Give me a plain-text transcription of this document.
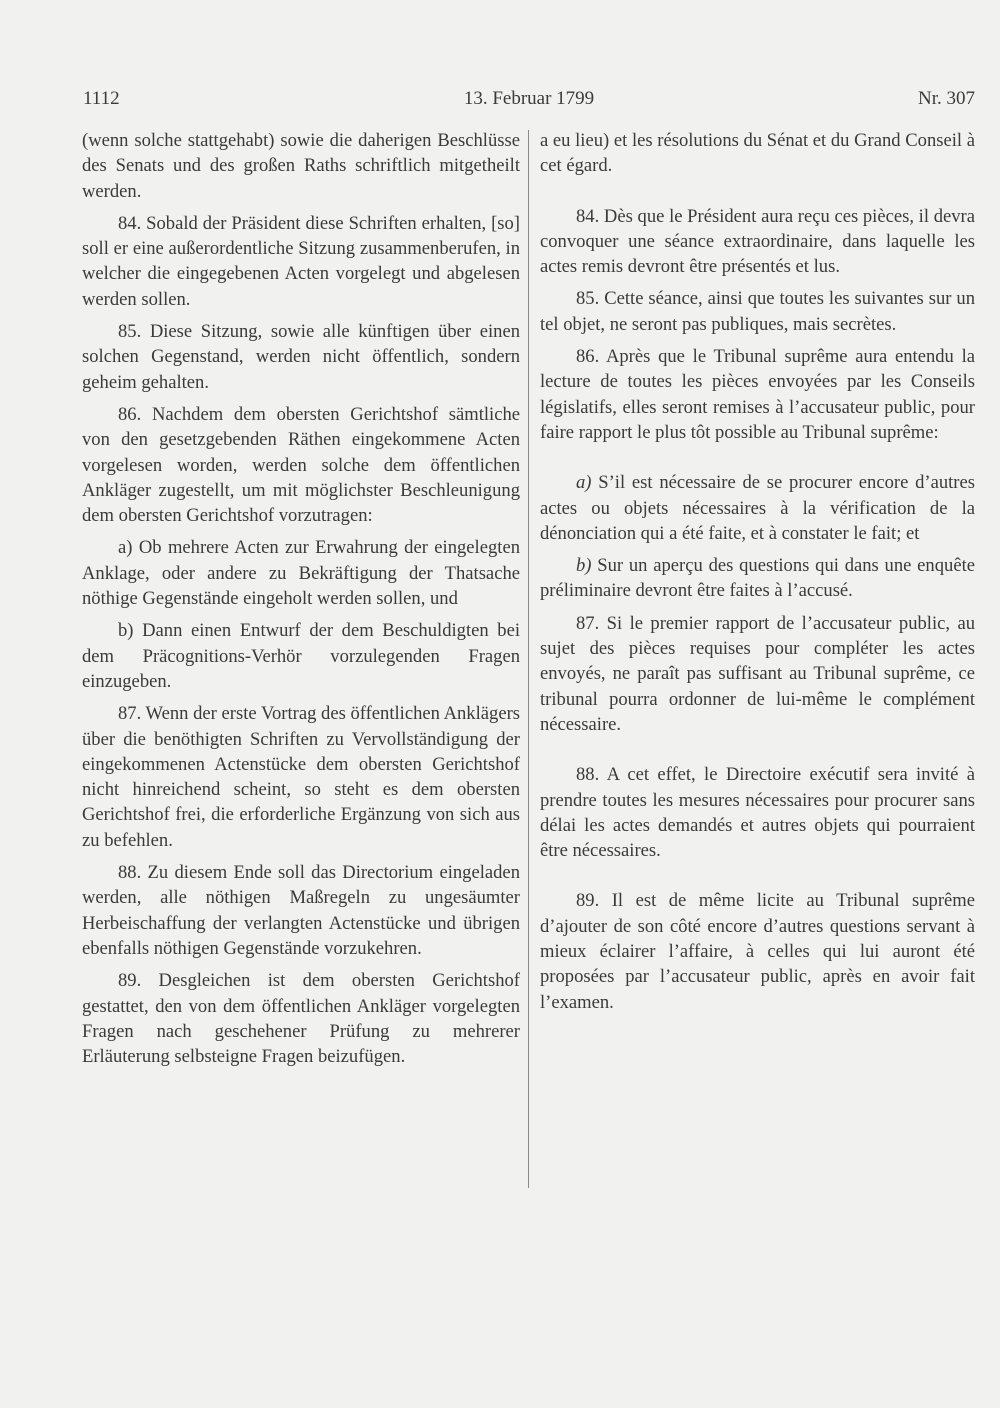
1112	13. Februar 1799	Nr. 307

(wenn solche stattgehabt) sowie die daherigen Beschlüsse des Senats und des großen Raths schriftlich mitgetheilt werden.

84. Sobald der Präsident diese Schriften erhalten, [so] soll er eine außerordentliche Sitzung zusammenberufen, in welcher die eingegebenen Acten vorgelegt und abgelesen werden sollen.

85. Diese Sitzung, sowie alle künftigen über einen solchen Gegenstand, werden nicht öffentlich, sondern geheim gehalten.

86. Nachdem dem obersten Gerichtshof sämtliche von den gesetzgebenden Räthen eingekommene Acten vorgelesen worden, werden solche dem öffentlichen Ankläger zugestellt, um mit möglichster Beschleunigung dem obersten Gerichtshof vorzutragen:

a) Ob mehrere Acten zur Erwahrung der eingelegten Anklage, oder andere zu Bekräftigung der Thatsache nöthige Gegenstände eingeholt werden sollen, und

b) Dann einen Entwurf der dem Beschuldigten bei dem Präcognitions-Verhör vorzulegenden Fragen einzugeben.

87. Wenn der erste Vortrag des öffentlichen Anklägers über die benöthigten Schriften zu Vervollständigung der eingekommenen Actenstücke dem obersten Gerichtshof nicht hinreichend scheint, so steht es dem obersten Gerichtshof frei, die erforderliche Ergänzung von sich aus zu befehlen.

88. Zu diesem Ende soll das Directorium eingeladen werden, alle nöthigen Maßregeln zu ungesäumter Herbeischaffung der verlangten Actenstücke und übrigen ebenfalls nöthigen Gegenstände vorzukehren.

89. Desgleichen ist dem obersten Gerichtshof gestattet, den von dem öffentlichen Ankläger vorgelegten Fragen nach geschehener Prüfung zu mehrerer Erläuterung selbsteigne Fragen beizufügen.

a eu lieu) et les résolutions du Sénat et du Grand Conseil à cet égard.

84. Dès que le Président aura reçu ces pièces, il devra convoquer une séance extraordinaire, dans laquelle les actes remis devront être présentés et lus.

85. Cette séance, ainsi que toutes les suivantes sur un tel objet, ne seront pas publiques, mais secrètes.

86. Après que le Tribunal suprême aura entendu la lecture de toutes les pièces envoyées par les Conseils législatifs, elles seront remises à l’accusateur public, pour faire rapport le plus tôt possible au Tribunal suprême:

a) S’il est nécessaire de se procurer encore d’autres actes ou objets nécessaires à la vérification de la dénonciation qui a été faite, et à constater le fait; et

b) Sur un aperçu des questions qui dans une enquête préliminaire devront être faites à l’accusé.

87. Si le premier rapport de l’accusateur public, au sujet des pièces requises pour compléter les actes envoyés, ne paraît pas suffisant au Tribunal suprême, ce tribunal pourra ordonner de lui-même le complément nécessaire.

88. A cet effet, le Directoire exécutif sera invité à prendre toutes les mesures nécessaires pour procurer sans délai les actes demandés et autres objets qui pourraient être nécessaires.

89. Il est de même licite au Tribunal suprême d’ajouter de son côté encore d’autres questions servant à mieux éclairer l’affaire, à celles qui lui auront été proposées par l’accusateur public, après en avoir fait l’examen.
